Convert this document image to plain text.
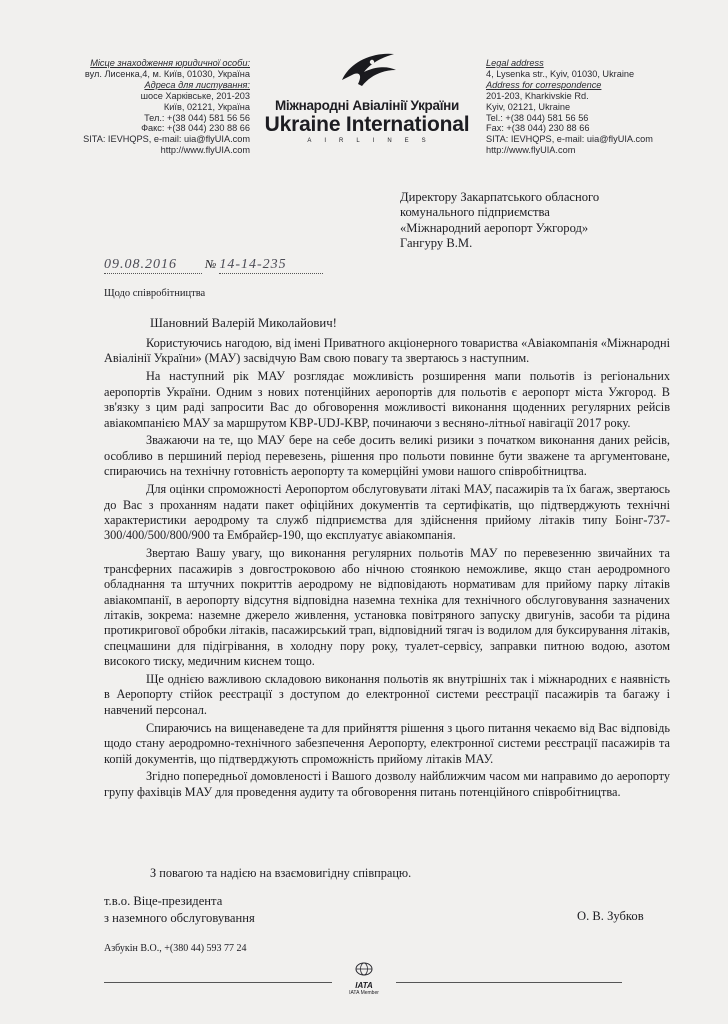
Місце знаходження юридичної особи:
вул. Лисенка,4, м. Київ, 01030, Україна
Адреса для листування:
шосе Харківське, 201-203
Київ, 02121, Україна
Тел.: +(38 044) 581 56 56
Факс: +(38 044) 230 88 66
SITA: IEVHQPS, e-mail: uia@flyUIA.com
http://www.flyUIA.com
Міжнародні Авіалінії України
Ukraine International
AIRLINES
Legal address
4, Lysenka str., Kyiv, 01030, Ukraine
Address for correspondence
201-203, Kharkivskie Rd.
Kyiv, 02121, Ukraine
Tel.: +(38 044) 581 56 56
Fax: +(38 044) 230 88 66
SITA: IEVHQPS, e-mail: uia@flyUIA.com
http://www.flyUIA.com
Директору Закарпатського обласного
комунального підприємства
«Міжнародний аеропорт Ужгород»
Гангуру В.М.
09.08.2016 № 14-14-235
Щодо співробітництва
Шановний Валерій Миколайович!

Користуючись нагодою, від імені Приватного акціонерного товариства «Авіакомпанія «Міжнародні Авіалінії України» (МАУ) засвідчую Вам свою повагу та звертаюсь з наступним.

На наступний рік МАУ розглядає можливість розширення мапи польотів із регіональних аеропортів України. Одним з нових потенційних аеропортів для польотів є аеропорт міста Ужгород. В зв'язку з цим раді запросити Вас до обговорення можливості виконання щоденних регулярних рейсів авіакомпанією МАУ за маршрутом KBP-UDJ-KBP, починаючи з весняно-літньої навігації 2017 року.

Зважаючи на те, що МАУ бере на себе досить великі ризики з початком виконання даних рейсів, особливо в першиний період перевезень, рішення про польоти повинне бути зважене та аргументоване, спираючись на технічну готовність аеропорту та комерційні умови нашого співробітництва.

Для оцінки спроможності Аеропортом обслуговувати літакі МАУ, пасажирів та їх багаж, звертаюсь до Вас з проханням надати пакет офіційних документів та сертифікатів, що підтверджують технічні характеристики аеродрому та служб підприємства для здійснення прийому літаків типу Боінг-737-300/400/500/800/900 та Ембрайєр-190, що експлуатує авіакомпанія.

Звертаю Вашу увагу, що виконання регулярних польотів МАУ по перевезенню звичайних та трансферних пасажирів з довгостроковою або нічною стоянкою неможливе, якщо стан аеродромного обладнання та штучних покриттів аеродрому не відповідають нормативам для прийому парку літаків авіакомпанії, в аеропорту відсутня відповідна наземна техніка для технічного обслуговування зазначених літаків, зокрема: наземне джерело живлення, установка повітряного запуску двигунів, засоби та рідина протикригової обробки літаків, пасажирський трап, відповідний тягач із водилом для буксирування літаків, спецмашини для підігрівання, в холодну пору року, туалет-сервісу, заправки питною водою, азотом високого тиску, медичним киснем тощо.

Ще однією важливою складовою виконання польотів як внутрішніх так і міжнародних є наявність в Аеропорту стійок реєстрації з доступом до електронної системи реєстрації пасажирів та багажу і навчений персонал.

Спираючись на вищенаведене та для прийняття рішення з цього питання чекаємо від Вас відповідь щодо стану аеродромно-технічного забезпечення Аеропорту, електронної системи реєстрації пасажирів та копій документів, що підтверджують спроможність прийому літаків МАУ.

Згідно попередньої домовленості і Вашого дозволу найближчим часом ми направимо до аеропорту групу фахівців МАУ для проведення аудиту та обговорення питань потенційного співробітництва.

З повагою та надією на взаємовигідну співпрацю.
т.в.о. Віце-президента
з наземного обслуговування	О. В. Зубков
Азбукін В.О., +(380 44) 593 77 24
IATA
IATA Member
